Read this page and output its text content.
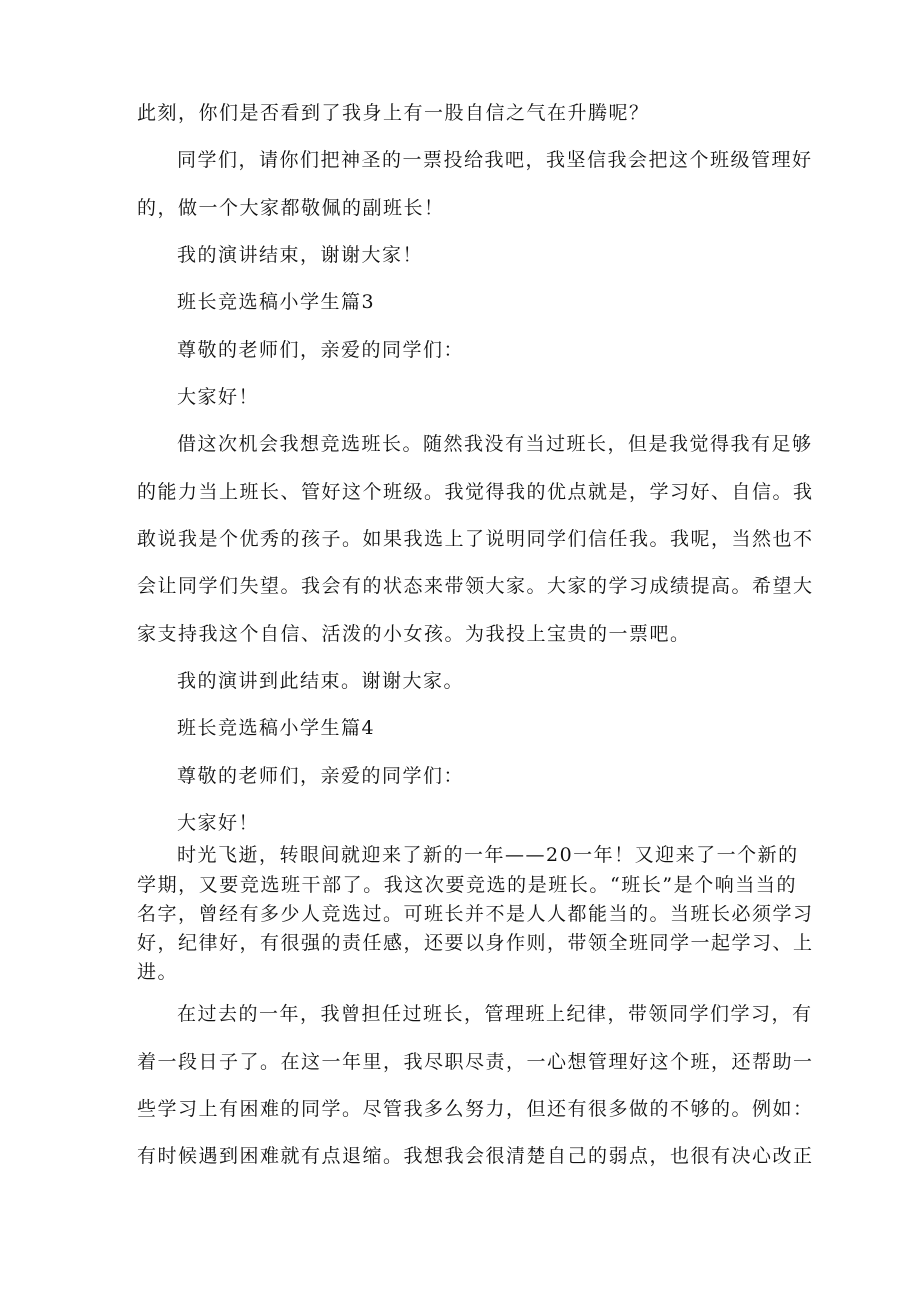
此刻，你们是否看到了我身上有一股自信之气在升腾呢？

同学们，请你们把神圣的一票投给我吧，我坚信我会把这个班级管理好

的，做一个大家都敬佩的副班长！

我的演讲结束，谢谢大家！

班长竞选稿小学生篇3

尊敬的老师们，亲爱的同学们：

大家好！

借这次机会我想竞选班长。随然我没有当过班长，但是我觉得我有足够

的能力当上班长、管好这个班级。我觉得我的优点就是，学习好、自信。我

敢说我是个优秀的孩子。如果我选上了说明同学们信任我。我呢，当然也不

会让同学们失望。我会有的状态来带领大家。大家的学习成绩提高。希望大

家支持我这个自信、活泼的小女孩。为我投上宝贵的一票吧。

我的演讲到此结束。谢谢大家。

班长竞选稿小学生篇4

尊敬的老师们，亲爱的同学们：

大家好！

时光飞逝，转眼间就迎来了新的一年——20一年！又迎来了一个新的

学期，又要竞选班干部了。我这次要竞选的是班长。“班长”是个响当当的

名字，曾经有多少人竞选过。可班长并不是人人都能当的。当班长必须学习

好，纪律好，有很强的责任感，还要以身作则，带领全班同学一起学习、上

进。

在过去的一年，我曾担任过班长，管理班上纪律，带领同学们学习，有

着一段日子了。在这一年里，我尽职尽责，一心想管理好这个班，还帮助一

些学习上有困难的同学。尽管我多么努力，但还有很多做的不够的。例如：

有时候遇到困难就有点退缩。我想我会很清楚自己的弱点，也很有决心改正
